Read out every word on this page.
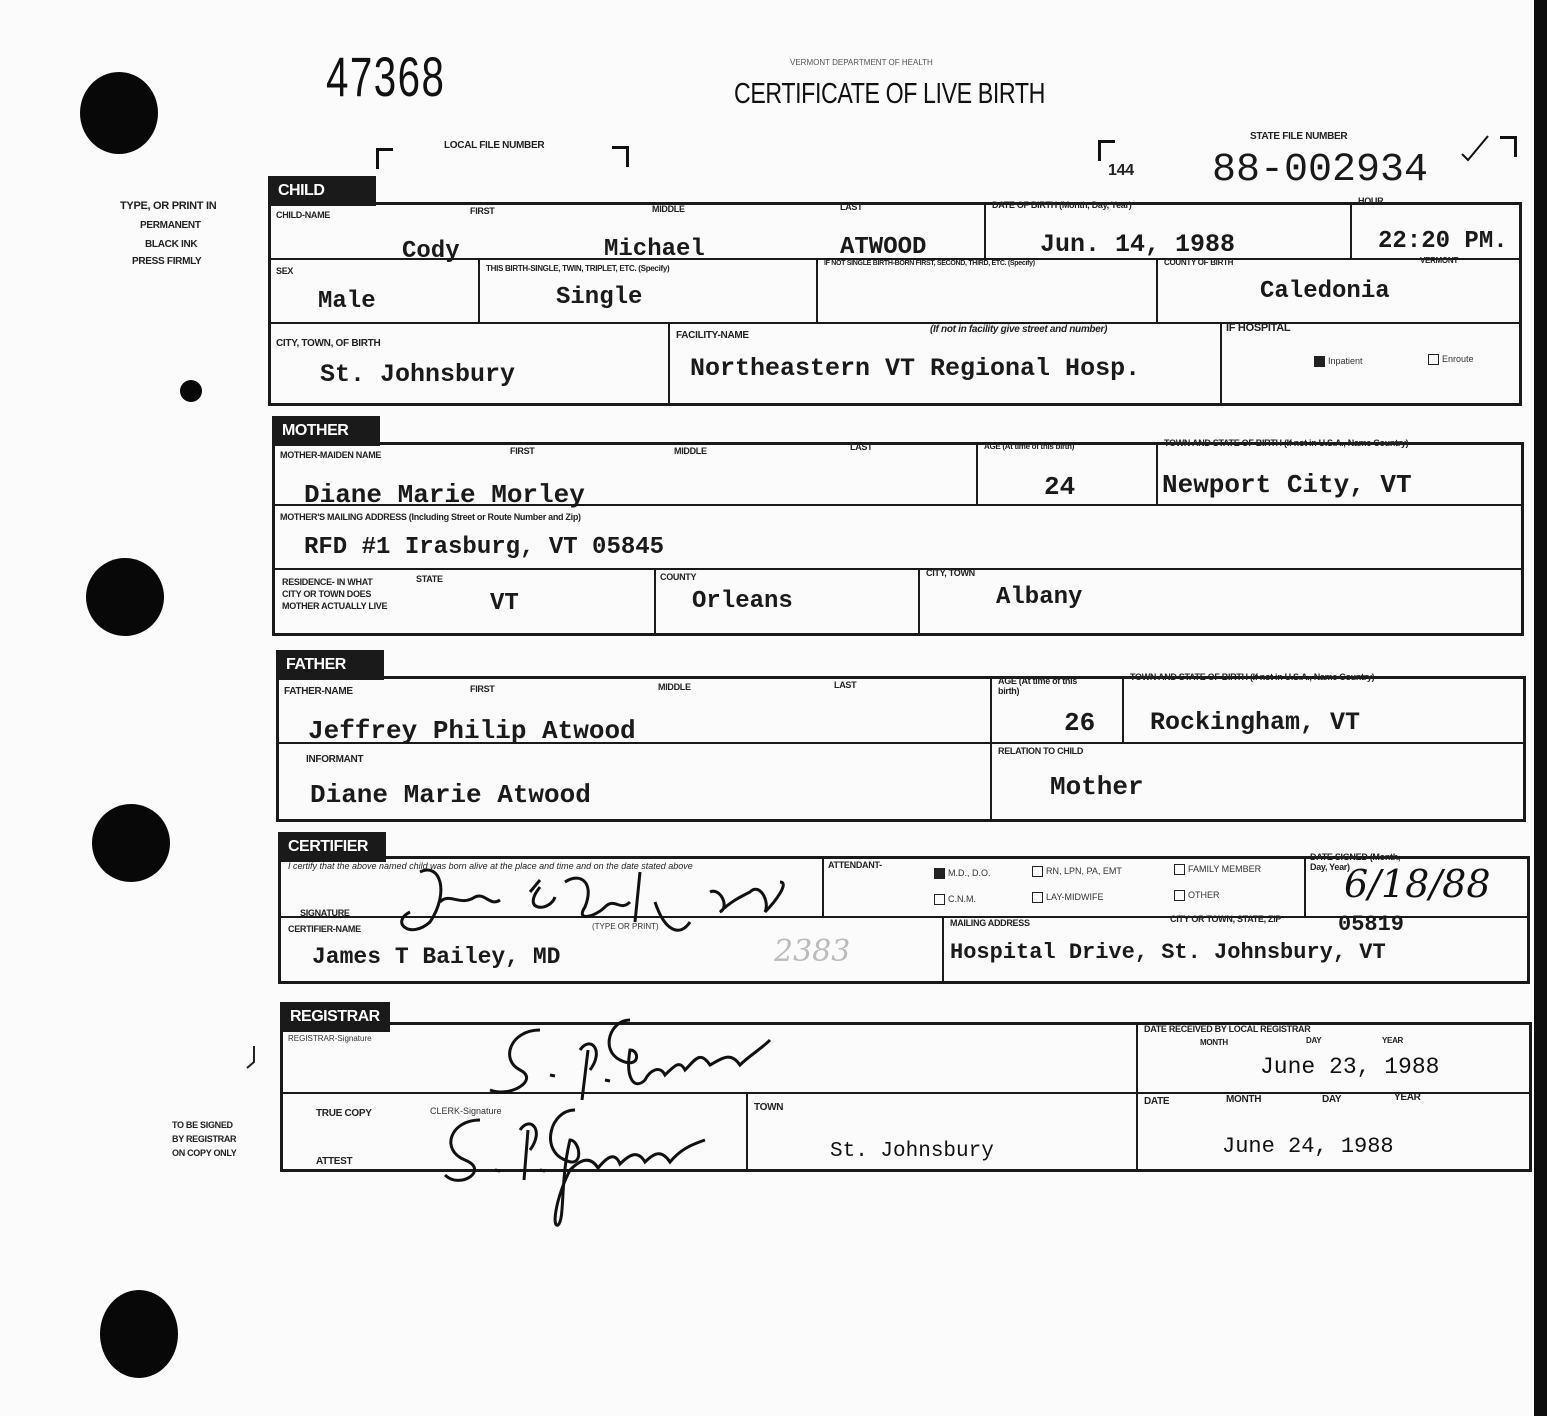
47368	VERMONT DEPARTMENT OF HEALTH
CERTIFICATE OF LIVE BIRTH
LOCAL FILE NUMBER
144
STATE FILE NUMBER
88-002934
TYPE, OR PRINT IN
PERMANENT
BLACK INK
PRESS FIRMLY
TO BE SIGNED
BY REGISTRAR
ON COPY ONLY
CHILD
CHILD-NAME	FIRST	MIDDLE	LAST
Cody	Michael	ATWOOD
DATE OF BIRTH (Month, Day, Year)
Jun. 14, 1988
HOUR
22:20 PM.
SEX
Male
THIS BIRTH-SINGLE, TWIN, TRIPLET, ETC. (Specify)
Single
IF NOT SINGLE BIRTH-BORN FIRST, SECOND, THIRD, ETC. (Specify)	COUNTY OF BIRTH	VERMONT
Caledonia
CITY, TOWN, OF BIRTH
St. Johnsbury
FACILITY-NAME
(If not in facility give street and number)
Northeastern VT Regional Hosp.
IF HOSPITAL
Inpatient	Enroute
MOTHER
MOTHER-MAIDEN NAME	FIRST	MIDDLE	LAST
Diane Marie Morley
AGE (At time of this birth)
24
TOWN AND STATE OF BIRTH (If not in U.S.A., Name Country)
Newport City, VT
MOTHER'S MAILING ADDRESS (Including Street or Route Number and Zip)
RFD #1 Irasburg, VT 05845
RESIDENCE- IN WHAT CITY OR TOWN DOES MOTHER ACTUALLY LIVE
STATE
VT
COUNTY
Orleans
CITY, TOWN
Albany
FATHER
FATHER-NAME	FIRST	MIDDLE	LAST
Jeffrey Philip Atwood
AGE (At time of this birth)
26
TOWN AND STATE OF BIRTH (If not in U.S.A., Name Country)
Rockingham, VT
INFORMANT
Diane Marie Atwood
RELATION TO CHILD
Mother
CERTIFIER
I certify that the above named child was born alive at the place and time and on the date stated above
SIGNATURE
ATTENDANT-
M.D., D.O.	RN, LPN, PA, EMT	FAMILY MEMBER
C.N.M.	LAY-MIDWIFE	OTHER
DATE SIGNED (Month, Day, Year)
6/18/88
CERTIFIER-NAME	(TYPE OR PRINT)
James T Bailey, MD	2383
MAILING ADDRESS	CITY OR TOWN, STATE, ZIP	05819
Hospital Drive, St. Johnsbury, VT
REGISTRAR
REGISTRAR-Signature
DATE RECEIVED BY LOCAL REGISTRAR
MONTH	DAY	YEAR
June 23, 1988
TRUE COPY	CLERK-Signature
ATTEST
TOWN
St. Johnsbury
DATE	MONTH	DAY	YEAR
June 24, 1988
